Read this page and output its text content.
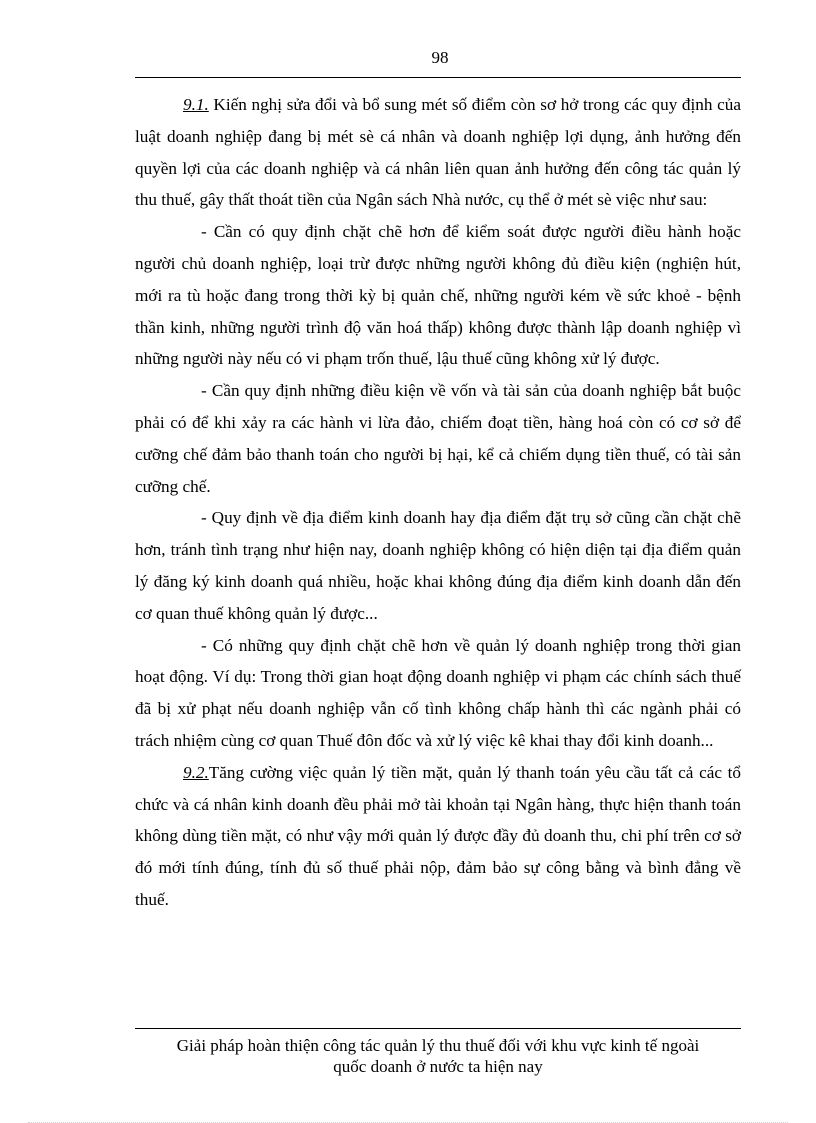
98

9.1. Kiến nghị sửa đổi và bổ sung mét số điểm còn sơ hở trong các quy định của luật doanh nghiệp đang bị mét sè cá nhân và doanh nghiệp lợi dụng, ảnh hưởng đến quyền lợi của các doanh nghiệp và cá nhân liên quan ảnh hưởng đến công tác quản lý thu thuế, gây thất thoát tiền của Ngân sách Nhà nước, cụ thể ở mét sè việc như sau:

- Cần có quy định chặt chẽ hơn để kiểm soát được người điều hành hoặc người chủ doanh nghiệp, loại trừ được những người không đủ điều kiện (nghiện hút, mới ra tù hoặc đang trong thời kỳ bị quản chế, những người kém về sức khoẻ - bệnh thần kinh, những người trình độ văn hoá thấp) không được thành lập doanh nghiệp vì những người này nếu có vi phạm trốn thuế, lậu thuế cũng không xử lý được.

- Cần quy định những điều kiện về vốn và tài sản của doanh nghiệp bắt buộc phải có để khi xảy ra các hành vi lừa đảo, chiếm đoạt tiền, hàng hoá còn có cơ sở để cưỡng chế đảm bảo thanh toán cho người bị hại, kể cả chiếm dụng tiền thuế, có tài sản cưỡng chế.

- Quy định về địa điểm kinh doanh hay địa điểm đặt trụ sở cũng cần chặt chẽ hơn, tránh tình trạng như hiện nay, doanh nghiệp không có hiện diện tại địa điểm quản lý đăng ký kinh doanh quá nhiều, hoặc khai không đúng địa điểm kinh doanh dẫn đến cơ quan thuế không quản lý được...

- Có những quy định chặt chẽ hơn về quản lý doanh nghiệp trong thời gian hoạt động. Ví dụ: Trong thời gian hoạt động doanh nghiệp vi phạm các chính sách thuế đã bị xử phạt nếu doanh nghiệp vẫn cố tình không chấp hành thì các ngành phải có trách nhiệm cùng cơ quan Thuế đôn đốc và xử lý việc kê khai thay đổi kinh doanh...

9.2.Tăng cường việc quản lý tiền mặt, quản lý thanh toán yêu cầu tất cả các tổ chức và cá nhân kinh doanh đều phải mở tài khoản tại Ngân hàng, thực hiện thanh toán không dùng tiền mặt, có như vậy mới quản lý được đầy đủ doanh thu, chi phí trên cơ sở đó mới tính đúng, tính đủ số thuế phải nộp, đảm bảo sự công bằng và bình đẳng về thuế.

Giải pháp hoàn thiện công tác quản lý thu thuế đối với khu vực kinh tế ngoài
quốc doanh ở nước ta hiện nay
